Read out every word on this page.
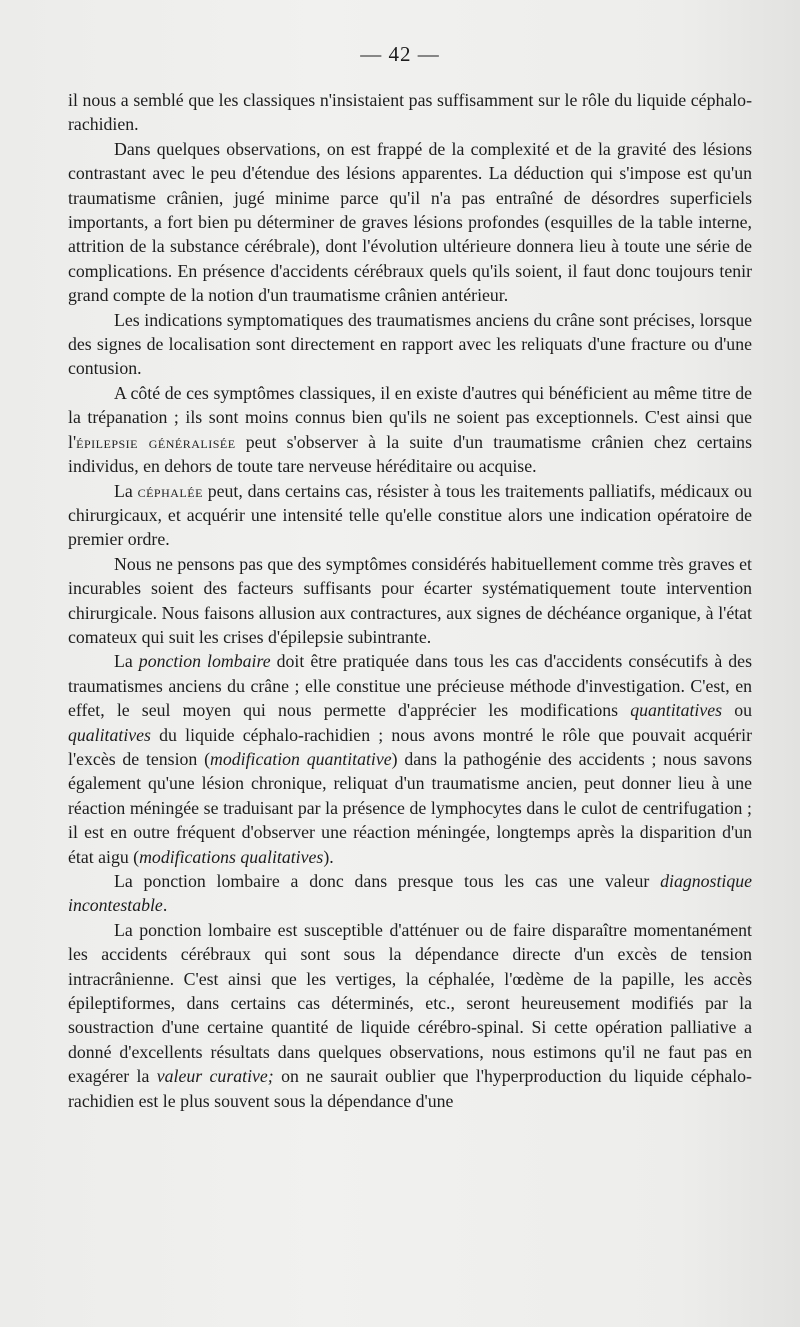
— 42 —

il nous a semblé que les classiques n'insistaient pas suffisamment sur le rôle du liquide céphalo-rachidien.

Dans quelques observations, on est frappé de la complexité et de la gravité des lésions contrastant avec le peu d'étendue des lésions apparentes. La déduction qui s'impose est qu'un traumatisme crânien, jugé minime parce qu'il n'a pas entraîné de désordres superficiels importants, a fort bien pu déterminer de graves lésions profondes (esquilles de la table interne, attrition de la substance cérébrale), dont l'évolution ultérieure donnera lieu à toute une série de complications. En présence d'accidents cérébraux quels qu'ils soient, il faut donc toujours tenir grand compte de la notion d'un traumatisme crânien antérieur.

Les indications symptomatiques des traumatismes anciens du crâne sont précises, lorsque des signes de localisation sont directement en rapport avec les reliquats d'une fracture ou d'une contusion.

A côté de ces symptômes classiques, il en existe d'autres qui bénéficient au même titre de la trépanation ; ils sont moins connus bien qu'ils ne soient pas exceptionnels. C'est ainsi que l'épilepsie généralisée peut s'observer à la suite d'un traumatisme crânien chez certains individus, en dehors de toute tare nerveuse héréditaire ou acquise.

La céphalée peut, dans certains cas, résister à tous les traitements palliatifs, médicaux ou chirurgicaux, et acquérir une intensité telle qu'elle constitue alors une indication opératoire de premier ordre.

Nous ne pensons pas que des symptômes considérés habituellement comme très graves et incurables soient des facteurs suffisants pour écarter systématiquement toute intervention chirurgicale. Nous faisons allusion aux contractures, aux signes de déchéance organique, à l'état comateux qui suit les crises d'épilepsie subintrante.

La ponction lombaire doit être pratiquée dans tous les cas d'accidents consécutifs à des traumatismes anciens du crâne ; elle constitue une précieuse méthode d'investigation. C'est, en effet, le seul moyen qui nous permette d'apprécier les modifications quantitatives ou qualitatives du liquide céphalo-rachidien ; nous avons montré le rôle que pouvait acquérir l'excès de tension (modification quantitative) dans la pathogénie des accidents ; nous savons également qu'une lésion chronique, reliquat d'un traumatisme ancien, peut donner lieu à une réaction méningée se traduisant par la présence de lymphocytes dans le culot de centrifugation ; il est en outre fréquent d'observer une réaction méningée, longtemps après la disparition d'un état aigu (modifications qualitatives).

La ponction lombaire a donc dans presque tous les cas une valeur diagnostique incontestable.

La ponction lombaire est susceptible d'atténuer ou de faire disparaître momentanément les accidents cérébraux qui sont sous la dépendance directe d'un excès de tension intracrânienne. C'est ainsi que les vertiges, la céphalée, l'œdème de la papille, les accès épileptiformes, dans certains cas déterminés, etc., seront heureusement modifiés par la soustraction d'une certaine quantité de liquide cérébro-spinal. Si cette opération palliative a donné d'excellents résultats dans quelques observations, nous estimons qu'il ne faut pas en exagérer la valeur curative; on ne saurait oublier que l'hyperproduction du liquide céphalo-rachidien est le plus souvent sous la dépendance d'une
